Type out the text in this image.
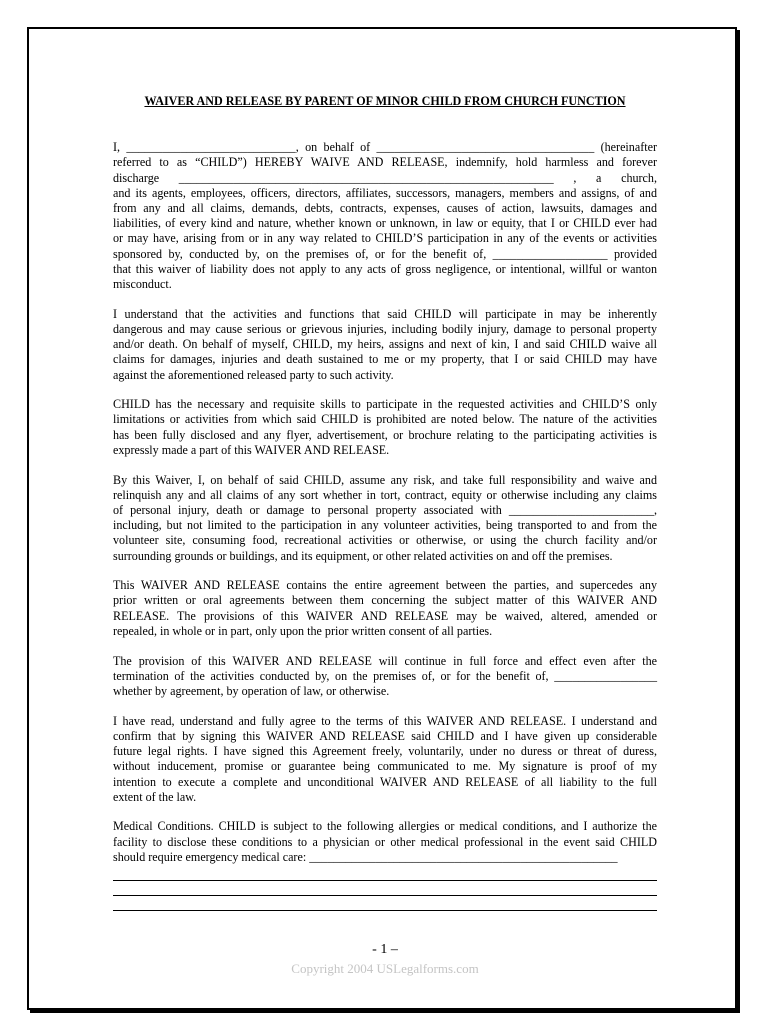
WAIVER AND RELEASE BY PARENT OF MINOR CHILD FROM CHURCH FUNCTION
I, ____________________________, on behalf of ____________________________________ (hereinafter
referred to as “CHILD”) HEREBY WAIVE AND RELEASE, indemnify, hold harmless and forever
discharge ______________________________________________________________ , a church,
and its agents, employees, officers, directors, affiliates, successors, managers, members and assigns, of and
from any and all claims, demands, debts, contracts, expenses, causes of action, lawsuits, damages and
liabilities, of every kind and nature, whether known or unknown, in law or equity, that I or CHILD ever had
or may have, arising from or in any way related to CHILD’S participation in any of the events or activities
sponsored by, conducted by, on the premises of, or for the benefit of, ___________________ provided
that this waiver of liability does not apply to any acts of gross negligence, or intentional, willful or wanton
misconduct.
I understand that the activities and functions that said CHILD will participate in may be inherently
dangerous and may cause serious or grievous injuries, including bodily injury, damage to personal property
and/or death. On behalf of myself, CHILD, my heirs, assigns and next of kin, I and said CHILD waive all
claims for damages, injuries and death sustained to me or my property, that I or said CHILD may have
against the aforementioned released party to such activity.
CHILD has the necessary and requisite skills to participate in the requested activities and CHILD’S only
limitations or activities from which said CHILD is prohibited are noted below. The nature of the activities
has been fully disclosed and any flyer, advertisement, or brochure relating to the participating activities is
expressly made a part of this WAIVER AND RELEASE.
By this Waiver, I, on behalf of said CHILD, assume any risk, and take full responsibility and waive and
relinquish any and all claims of any sort whether in tort, contract, equity or otherwise including any claims
of personal injury, death or damage to personal property associated with ________________________,
including, but not limited to the participation in any volunteer activities, being transported to and from the
volunteer site, consuming food, recreational activities or otherwise, or using the church facility and/or
surrounding grounds or buildings, and its equipment, or other related activities on and off the premises.
This WAIVER AND RELEASE contains the entire agreement between the parties, and supercedes any
prior written or oral agreements between them concerning the subject matter of this WAIVER AND
RELEASE. The provisions of this WAIVER AND RELEASE may be waived, altered, amended or
repealed, in whole or in part, only upon the prior written consent of all parties.
The provision of this WAIVER AND RELEASE will continue in full force and effect even after the
termination of the activities conducted by, on the premises of, or for the benefit of, _________________
whether by agreement, by operation of law, or otherwise.
I have read, understand and fully agree to the terms of this WAIVER AND RELEASE. I understand and
confirm that by signing this WAIVER AND RELEASE said CHILD and I have given up considerable
future legal rights. I have signed this Agreement freely, voluntarily, under no duress or threat of duress,
without inducement, promise or guarantee being communicated to me. My signature is proof of my
intention to execute a complete and unconditional WAIVER AND RELEASE of all liability to the full
extent of the law.
Medical Conditions. CHILD is subject to the following allergies or medical conditions, and I authorize the
facility to disclose these conditions to a physician or other medical professional in the event said CHILD
should require emergency medical care: ___________________________________________________
- 1 –
Copyright 2004 USLegalforms.com
